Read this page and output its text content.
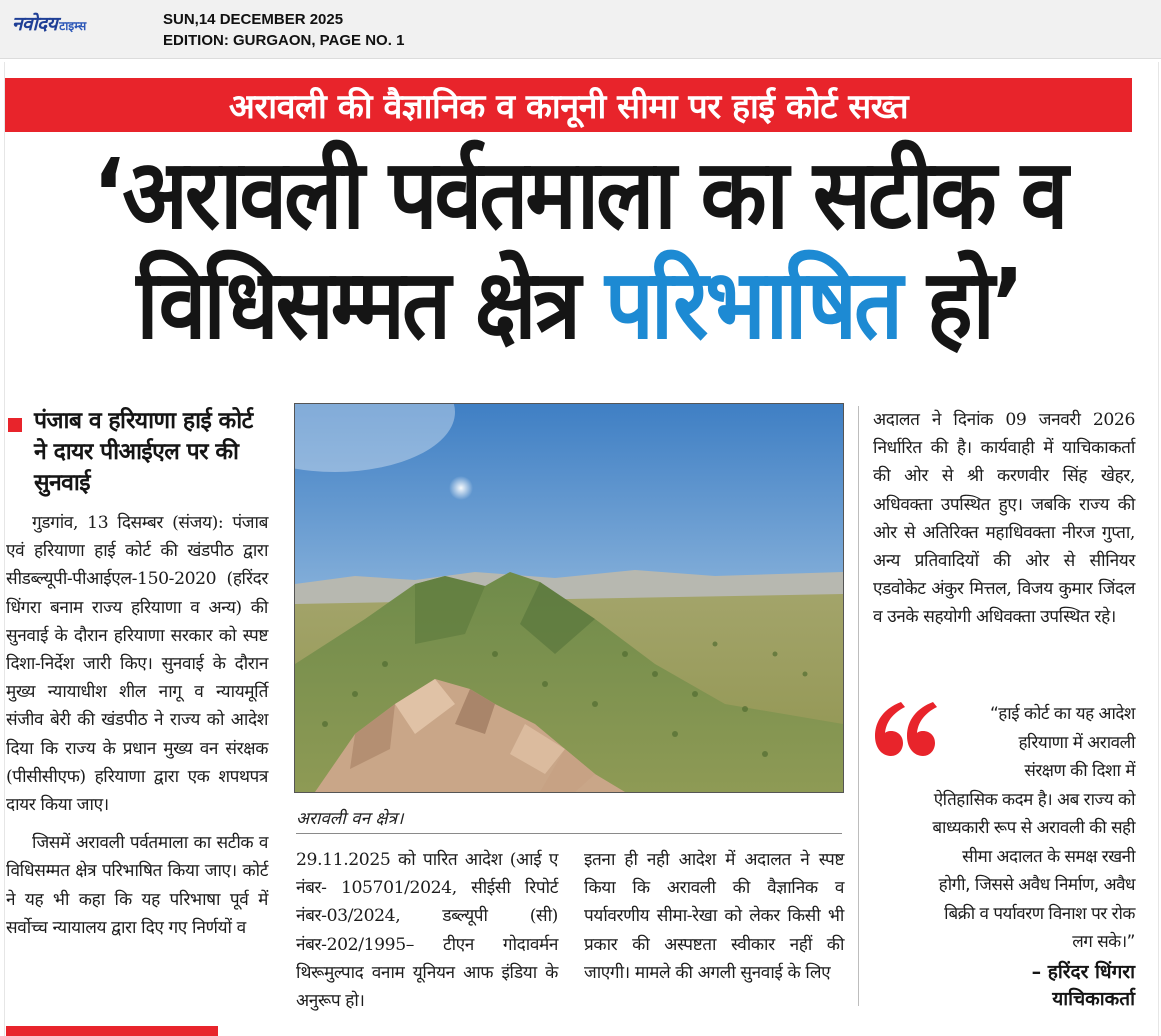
नवोदय टाइम्स	SUN,14 DECEMBER 2025
EDITION: GURGAON, PAGE NO. 1
अरावली की वैज्ञानिक व कानूनी सीमा पर हाई कोर्ट सख्त
‘अरावली पर्वतमाला का सटीक व
विधिसम्मत क्षेत्र परिभाषित हो’
पंजाब व हरियाणा हाई कोर्ट ने दायर पीआईएल पर की सुनवाई

गुडगांव, 13 दिसम्बर (संजय): पंजाब एवं हरियाणा हाई कोर्ट की खंडपीठ द्वारा सीडब्ल्यूपी-पीआईएल-150-2020 (हरिंदर धिंगरा बनाम राज्य हरियाणा व अन्य) की सुनवाई के दौरान हरियाणा सरकार को स्पष्ट दिशा-निर्देश जारी किए। सुनवाई के दौरान मुख्य न्यायाधीश शील नागू व न्यायमूर्ति संजीव बेरी की खंडपीठ ने राज्य को आदेश दिया कि राज्य के प्रधान मुख्य वन संरक्षक (पीसीसीएफ) हरियाणा द्वारा एक शपथपत्र दायर किया जाए।

जिसमें अरावली पर्वतमाला का सटीक व विधिसम्मत क्षेत्र परिभाषित किया जाए। कोर्ट ने यह भी कहा कि यह परिभाषा पूर्व में सर्वोच्च न्यायालय द्वारा दिए गए निर्णयों व

अरावली वन क्षेत्र।

29.11.2025 को पारित आदेश (आई ए नंबर- 105701/2024, सीईसी रिपोर्ट नंबर-03/2024, डब्ल्यूपी (सी) नंबर-202/1995– टीएन गोदावर्मन थिरूमुल्पाद वनाम यूनियन आफ इंडिया के अनुरूप हो।

इतना ही नही आदेश में अदालत ने स्पष्ट किया कि अरावली की वैज्ञानिक व पर्यावरणीय सीमा-रेखा को लेकर किसी भी प्रकार की अस्पष्टता स्वीकार नहीं की जाएगी। मामले की अगली सुनवाई के लिए

अदालत ने दिनांक 09 जनवरी 2026 निर्धारित की है। कार्यवाही में याचिकाकर्ता की ओर से श्री करणवीर सिंह खेहर, अधिवक्ता उपस्थित हुए। जबकि राज्य की ओर से अतिरिक्त महाधिवक्ता नीरज गुप्ता, अन्य प्रतिवादियों की ओर से सीनियर एडवोकेट अंकुर मित्तल, विजय कुमार जिंदल व उनके सहयोगी अधिवक्ता उपस्थित रहे।

“हाई कोर्ट का यह आदेश
हरियाणा में अरावली
संरक्षण की दिशा में
ऐतिहासिक कदम है। अब राज्य को
बाध्यकारी रूप से अरावली की सही
सीमा अदालत के समक्ष रखनी
होगी, जिससे अवैध निर्माण, अवैध
बिक्री व पर्यावरण विनाश पर रोक
लग सके।”
– हरिंदर धिंगरा
याचिकाकर्ता
